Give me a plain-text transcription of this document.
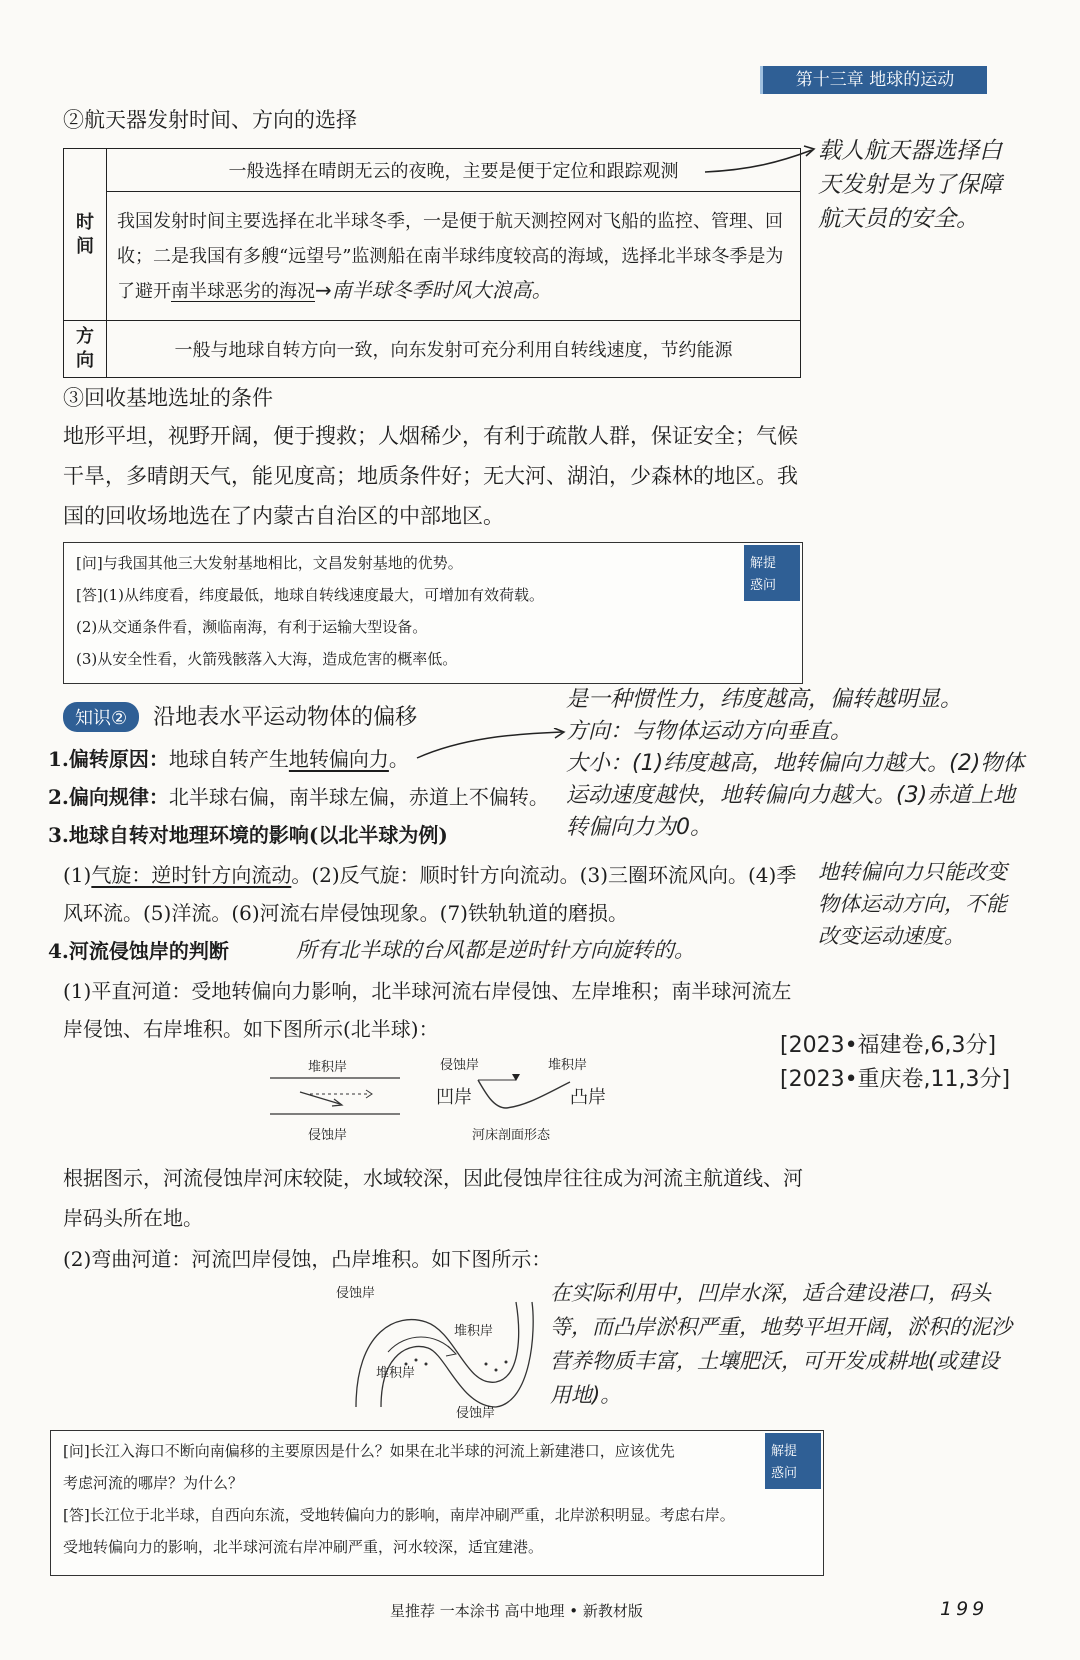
第十三章 地球的运动
②航天器发射时间、方向的选择
时间	一般选择在晴朗无云的夜晚，主要是便于定位和跟踪观测
	我国发射时间主要选择在北半球冬季，一是便于航天测控网对飞船的监控、管理、回收；二是我国有多艘“远望号”监测船在南半球纬度较高的海域，选择北半球冬季是为了避开南半球恶劣的海况→南半球冬季时风大浪高。
方向	一般与地球自转方向一致，向东发射可充分利用自转线速度，节约能源
载人航天器选择白天发射是为了保障航天员的安全。
③回收基地选址的条件
地形平坦，视野开阔，便于搜救；人烟稀少，有利于疏散人群，保证安全；气候干旱，多晴朗天气，能见度高；地质条件好；无大河、湖泊，少森林的地区。我国的回收场地选在了内蒙古自治区的中部地区。
[问]与我国其他三大发射基地相比，文昌发射基地的优势。
[答](1)从纬度看，纬度最低，地球自转线速度最大，可增加有效荷载。
(2)从交通条件看，濒临南海，有利于运输大型设备。
(3)从安全性看，火箭残骸落入大海，造成危害的概率低。
解提
惑问
知识② 沿地表水平运动物体的偏移
是一种惯性力，纬度越高，偏转越明显。
方向：与物体运动方向垂直。
大小：(1)纬度越高，地转偏向力越大。(2)物体运动速度越快，地转偏向力越大。(3)赤道上地转偏向力为0。
1.偏转原因：地球自转产生地转偏向力。
2.偏向规律：北半球右偏，南半球左偏，赤道上不偏转。
3.地球自转对地理环境的影响(以北半球为例)
(1)气旋：逆时针方向流动。(2)反气旋：顺时针方向流动。(3)三圈环流风向。(4)季风环流。(5)洋流。(6)河流右岸侵蚀现象。(7)铁轨轨道的磨损。
地转偏向力只能改变物体运动方向，不能改变运动速度。
4.河流侵蚀岸的判断	所有北半球的台风都是逆时针方向旋转的。
(1)平直河道：受地转偏向力影响，北半球河流右岸侵蚀、左岸堆积；南半球河流左岸侵蚀、右岸堆积。如下图所示(北半球)：
[2023•福建卷,6,3分]
[2023•重庆卷,11,3分]
堆积岸
侵蚀岸
侵蚀岸	堆积岸
凹岸	凸岸
河床剖面形态
根据图示，河流侵蚀岸河床较陡，水域较深，因此侵蚀岸往往成为河流主航道线、河岸码头所在地。
(2)弯曲河道：河流凹岸侵蚀，凸岸堆积。如下图所示：
侵蚀岸
堆积岸
堆积岸
侵蚀岸
在实际利用中，凹岸水深，适合建设港口，码头等，而凸岸淤积严重，地势平坦开阔，淤积的泥沙营养物质丰富，土壤肥沃，可开发成耕地(或建设用地)。
[问]长江入海口不断向南偏移的主要原因是什么？如果在北半球的河流上新建港口，应该优先
考虑河流的哪岸？为什么？
[答]长江位于北半球，自西向东流，受地转偏向力的影响，南岸冲刷严重，北岸淤积明显。考虑右岸。
受地转偏向力的影响，北半球河流右岸冲刷严重，河水较深，适宜建港。
解提
惑问
星推荐 一本涂书 高中地理 • 新教材版	199
